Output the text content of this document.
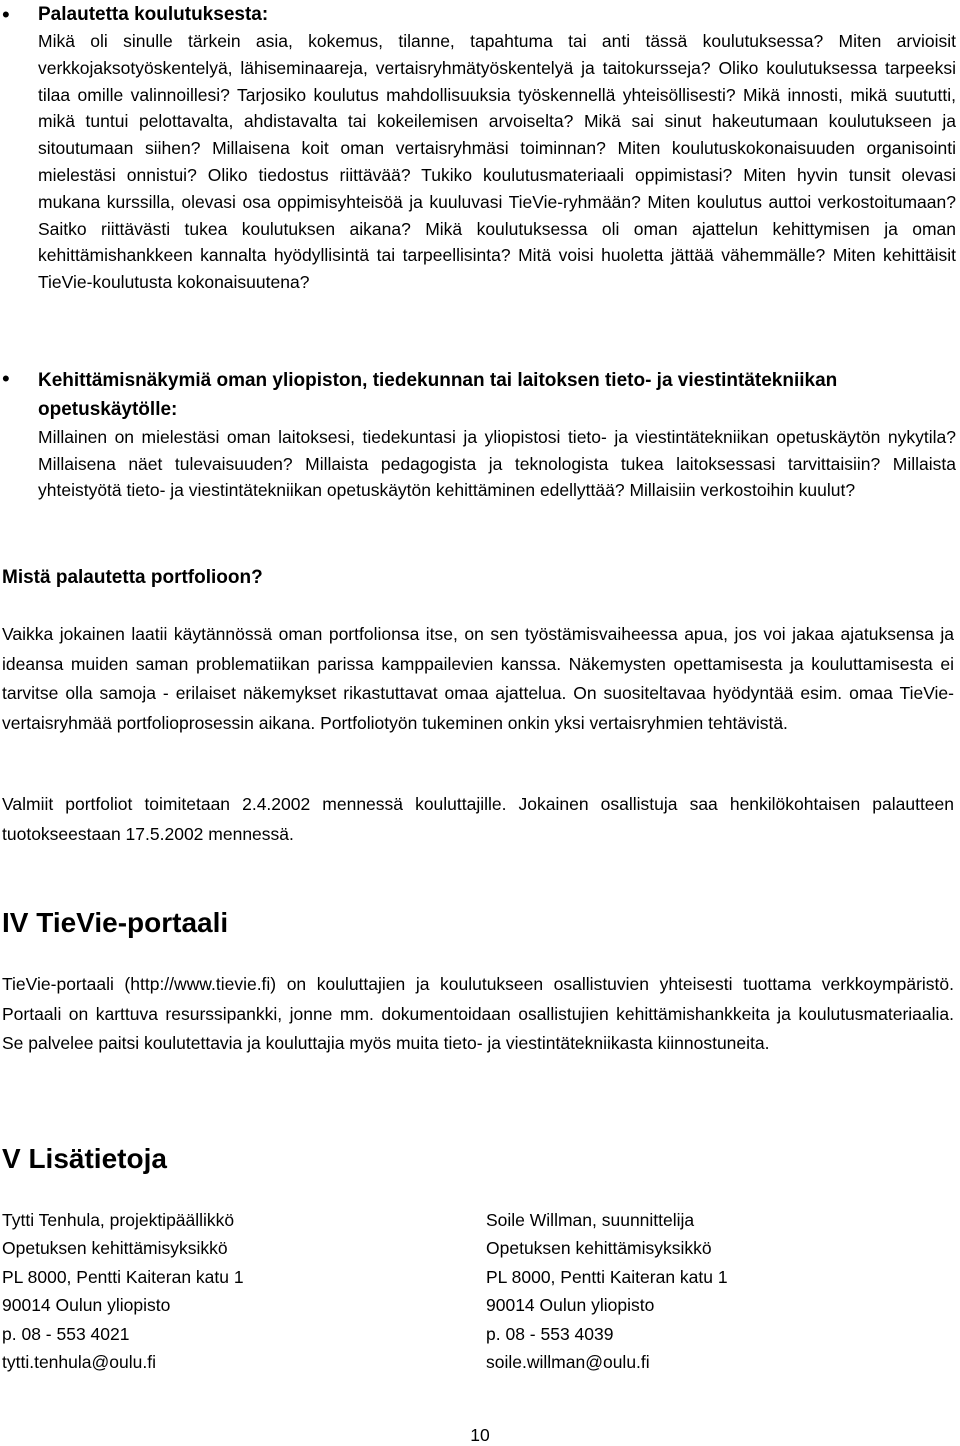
• Palautetta koulutuksesta:
Mikä oli sinulle tärkein asia, kokemus, tilanne, tapahtuma tai anti tässä koulutuksessa? Miten arvioisit verkkojaksotyöskentelyä, lähiseminaareja, vertaisryhmätyöskentelyä ja taitokursseja? Oliko koulutuksessa tarpeeksi tilaa omille valinnoillesi? Tarjosiko koulutus mahdollisuuksia työskennellä yhteisöllisesti? Mikä innosti, mikä suututti, mikä tuntui pelottavalta, ahdistavalta tai kokeilemisen arvoiselta? Mikä sai sinut hakeutumaan koulutukseen ja sitoutumaan siihen? Millaisena koit oman vertaisryhmäsi toiminnan? Miten koulutuskokonaisuuden organisointi mielestäsi onnistui? Oliko tiedostus riittävää? Tukiko koulutusmateriaali oppimistasi? Miten hyvin tunsit olevasi mukana kurssilla, olevasi osa oppimisyhteisöä ja kuuluvasi TieVie-ryhmään? Miten koulutus auttoi verkostoitumaan? Saitko riittävästi tukea koulutuksen aikana? Mikä koulutuksessa oli oman ajattelun kehittymisen ja oman kehittämishankkeen kannalta hyödyllisintä tai tarpeellisinta? Mitä voisi huoletta jättää vähemmälle? Miten kehittäisit TieVie-koulutusta kokonaisuutena?
• Kehittämisnäkymiä oman yliopiston, tiedekunnan tai laitoksen tieto- ja viestintätekniikan opetuskäytölle:
Millainen on mielestäsi oman laitoksesi, tiedekuntasi ja yliopistosi tieto- ja viestintätekniikan opetuskäytön nykytila? Millaisena näet tulevaisuuden? Millaista pedagogista ja teknologista tukea laitoksessasi tarvittaisiin? Millaista yhteistyötä tieto- ja viestintätekniikan opetuskäytön kehittäminen edellyttää? Millaisiin verkostoihin kuulut?
Mistä palautetta portfolioon?
Vaikka jokainen laatii käytännössä oman portfolionsa itse, on sen työstämisvaiheessa apua, jos voi jakaa ajatuksensa ja ideansa muiden saman problematiikan parissa kamppailevien kanssa. Näkemysten opettamisesta ja kouluttamisesta ei tarvitse olla samoja - erilaiset näkemykset rikastuttavat omaa ajattelua. On suositeltavaa hyödyntää esim. omaa TieVie-vertaisryhmää portfolioprosessin aikana. Portfoliotyön tukeminen onkin yksi vertaisryhmien tehtävistä.
Valmiit portfoliot toimitetaan 2.4.2002 mennessä kouluttajille. Jokainen osallistuja saa henkilökohtaisen palautteen tuotokseestaan 17.5.2002 mennessä.
IV TieVie-portaali
TieVie-portaali (http://www.tievie.fi) on kouluttajien ja koulutukseen osallistuvien yhteisesti tuottama verkkoympäristö. Portaali on karttuva resurssipankki, jonne mm. dokumentoidaan osallistujien kehittämishankkeita ja koulutusmateriaalia. Se palvelee paitsi koulutettavia ja kouluttajia myös muita tieto- ja viestintätekniikasta kiinnostuneita.
V Lisätietoja
Tytti Tenhula, projektipäällikkö
Opetuksen kehittämisyksikkö
PL 8000, Pentti Kaiteran katu 1
90014 Oulun yliopisto
p. 08 - 553 4021
tytti.tenhula@oulu.fi
Soile Willman, suunnittelija
Opetuksen kehittämisyksikkö
PL 8000, Pentti Kaiteran katu 1
90014 Oulun yliopisto
p. 08 - 553 4039
soile.willman@oulu.fi
10
